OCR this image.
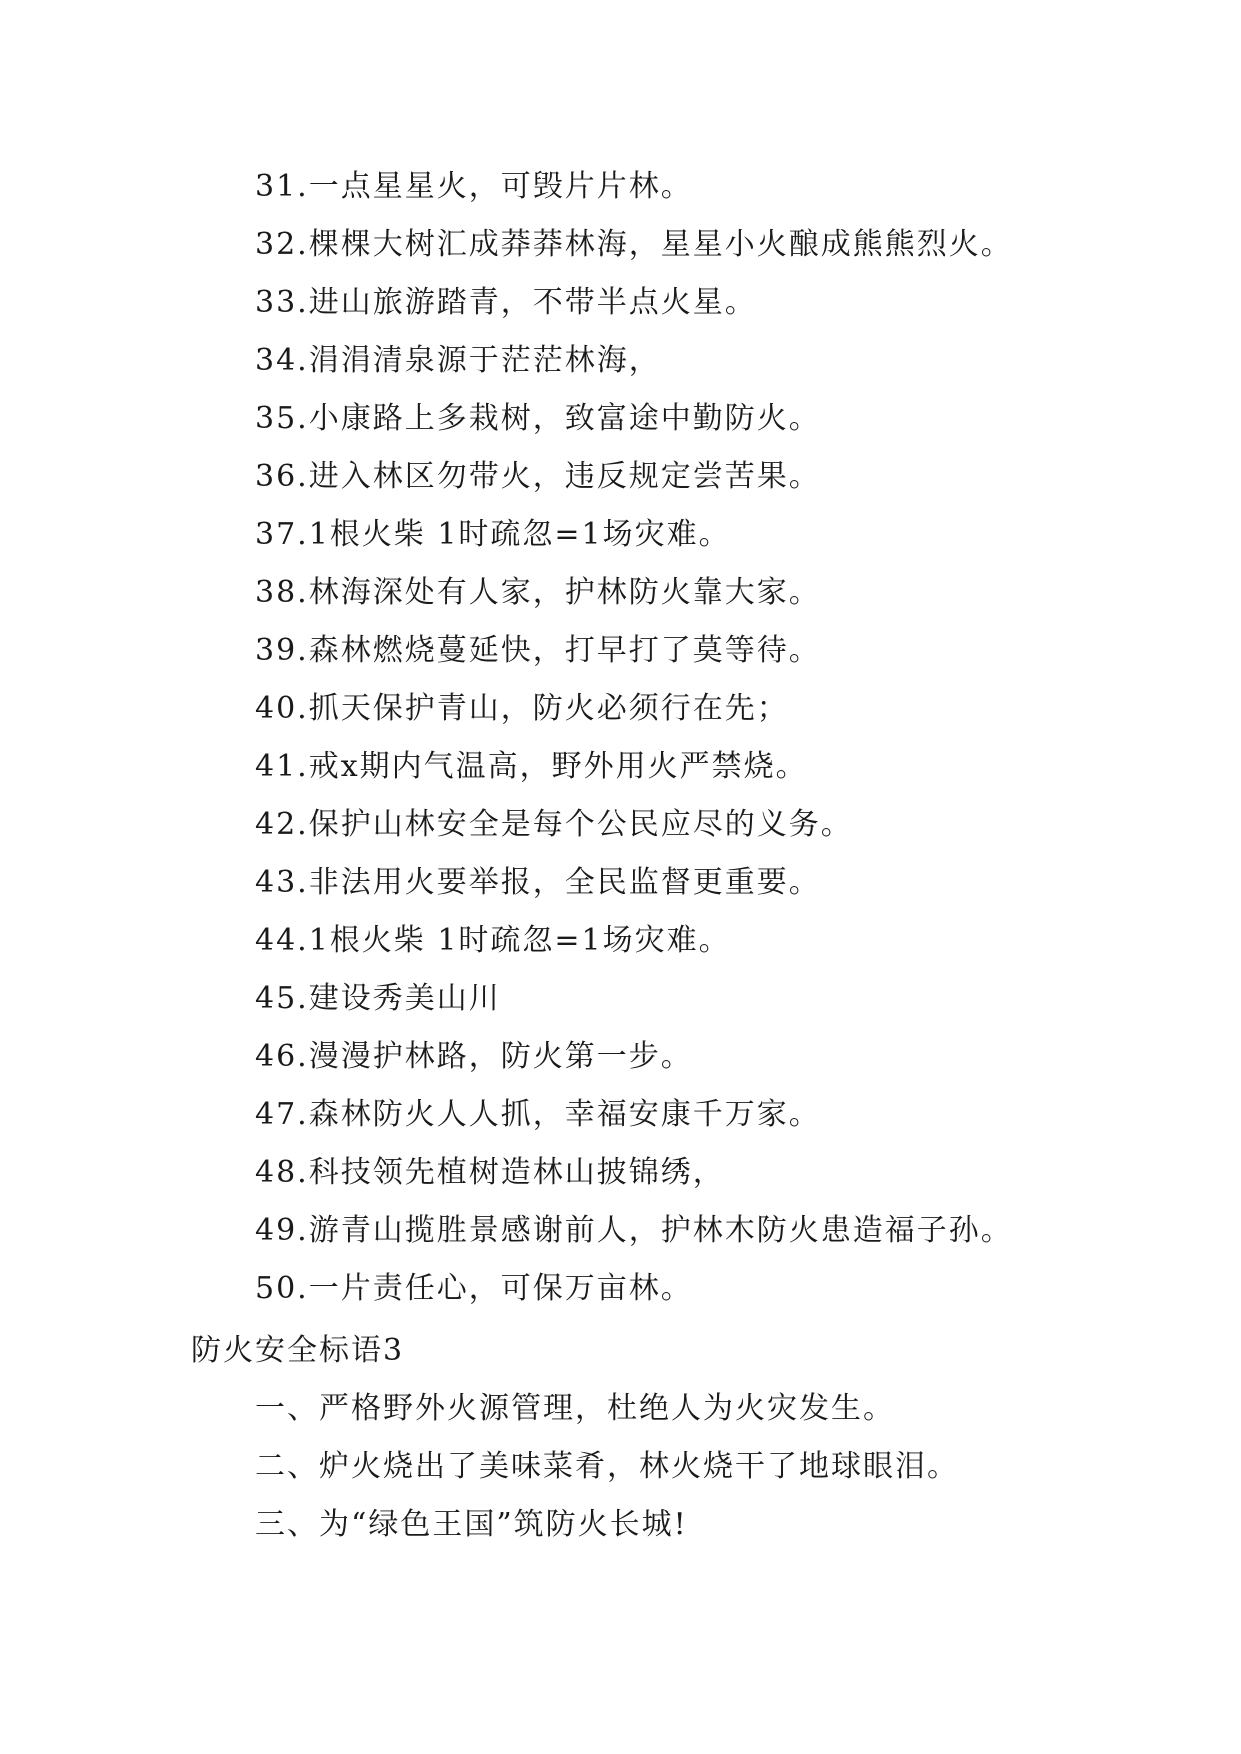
31.一点星星火，可毁片片林。
32.棵棵大树汇成莽莽林海，星星小火酿成熊熊烈火。
33.进山旅游踏青，不带半点火星。
34.涓涓清泉源于茫茫林海，
35.小康路上多栽树，致富途中勤防火。
36.进入林区勿带火，违反规定尝苦果。
37.1根火柴 1时疏忽=1场灾难。
38.林海深处有人家，护林防火靠大家。
39.森林燃烧蔓延快，打早打了莫等待。
40.抓天保护青山，防火必须行在先；
41.戒x期内气温高，野外用火严禁烧。
42.保护山林安全是每个公民应尽的义务。
43.非法用火要举报，全民监督更重要。
44.1根火柴 1时疏忽=1场灾难。
45.建设秀美山川
46.漫漫护林路，防火第一步。
47.森林防火人人抓，幸福安康千万家。
48.科技领先植树造林山披锦绣，
49.游青山揽胜景感谢前人，护林木防火患造福子孙。
50.一片责任心，可保万亩林。
防火安全标语3
一、严格野外火源管理，杜绝人为火灾发生。
二、炉火烧出了美味菜肴，林火烧干了地球眼泪。
三、为“绿色王国”筑防火长城!
